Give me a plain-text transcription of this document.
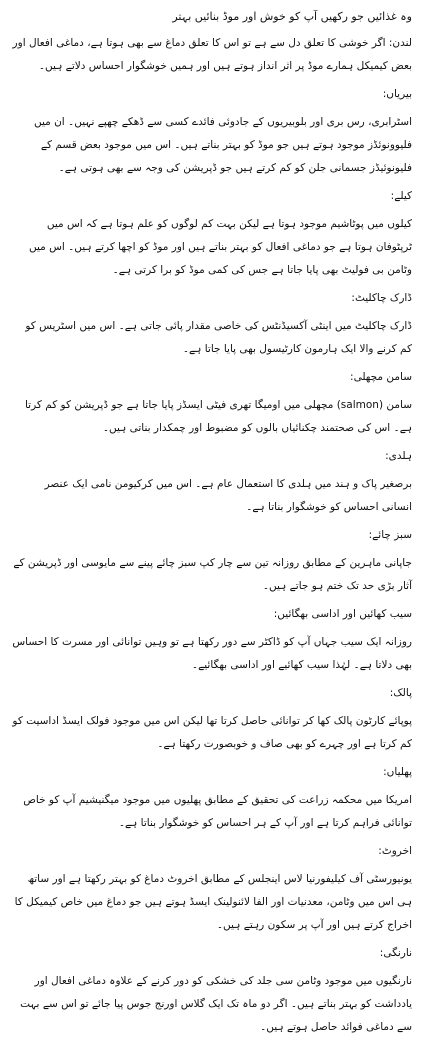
وہ غذائیں جو رکھیں آپ کو خوش اور موڈ بنائیں بہتر

لندن: اگر خوشی کا تعلق دل سے ہے تو اس کا تعلق دماغ سے بھی ہوتا ہے، دماغی افعال اور بعض کیمیکل ہمارے موڈ پر اثر انداز ہوتے ہیں اور ہمیں خوشگوار احساس دلاتے ہیں۔

بیریاں:

اسٹرابری، رس بری اور بلوبیریوں کے جادوئی فائدے کسی سے ڈھکے چھپے نہیں۔ ان میں فلیوونوئڈز موجود ہوتے ہیں جو موڈ کو بہتر بناتے ہیں۔ اس میں موجود بعض قسم کے فلیونوئیڈز جسمانی جلن کو کم کرتے ہیں جو ڈپریشن کی وجہ سے بھی ہوتی ہے۔

کیلے:

کیلوں میں پوٹاشیم موجود ہوتا ہے لیکن بہت کم لوگوں کو علم ہوتا ہے کہ اس میں ٹرپٹوفان ہوتا ہے جو دماغی افعال کو بہتر بناتے ہیں اور موڈ کو اچھا کرتے ہیں۔ اس میں وٹامن بی فولیٹ بھی پایا جاتا ہے جس کی کمی موڈ کو برا کرتی ہے۔

ڈارک چاکلیٹ:

ڈارک چاکلیٹ میں اینٹی آکسیڈنٹس کی خاصی مقدار پائی جاتی ہے۔ اس میں اسٹریس کو کم کرنے والا ایک ہارمون کارٹیسول بھی پایا جاتا ہے۔

سامن مچھلی:

سامن (salmon) مچھلی میں اومیگا تھری فیٹی ایسڈز پایا جاتا ہے جو ڈپریشن کو کم کرتا ہے۔ اس کی صحتمند چکنائیاں بالوں کو مضبوط اور چمکدار بناتی ہیں۔

ہلدی:

برصغیر پاک و ہند میں ہلدی کا استعمال عام ہے۔ اس میں کرکیومن نامی ایک عنصر انسانی احساس کو خوشگوار بناتا ہے۔

سبز چائے:

جاپانی ماہرین کے مطابق روزانہ تین سے چار کپ سبز چائے پینے سے مایوسی اور ڈپریشن کے آثار بڑی حد تک ختم ہو جاتے ہیں۔

سیب کھائیں اور اداسی بھگائیں:

روزانہ ایک سیب جہاں آپ کو ڈاکٹر سے دور رکھتا ہے تو وہیں توانائی اور مسرت کا احساس بھی دلاتا ہے۔ لہٰذا سیب کھائیے اور اداسی بھگائیے۔

پالک:

پوپائے کارٹون پالک کھا کر توانائی حاصل کرتا تھا لیکن اس میں موجود فولک ایسڈ اداسیت کو کم کرتا ہے اور چہرے کو بھی صاف و خوبصورت رکھتا ہے۔

پھلیاں:

امریکا میں محکمہ زراعت کی تحقیق کے مطابق پھلیوں میں موجود میگنیشیم آپ کو خاص توانائی فراہم کرتا ہے اور آپ کے ہر احساس کو خوشگوار بناتا ہے۔

اخروٹ:

یونیورسٹی آف کیلیفورنیا لاس اینجلس کے مطابق اخروٹ دماغ کو بہتر رکھتا ہے اور ساتھ ہی اس میں وٹامن، معدنیات اور الفا لائنولینک ایسڈ ہوتے ہیں جو دماغ میں خاص کیمیکل کا اخراج کرتے ہیں اور آپ پر سکون رہتے ہیں۔

نارنگی:

نارنگیوں میں موجود وٹامن سی جلد کی خشکی کو دور کرنے کے علاوہ دماغی افعال اور یادداشت کو بہتر بناتے ہیں۔ اگر دو ماہ تک ایک گلاس اورنج جوس پیا جائے تو اس سے بہت سے دماغی فوائد حاصل ہوتے ہیں۔
